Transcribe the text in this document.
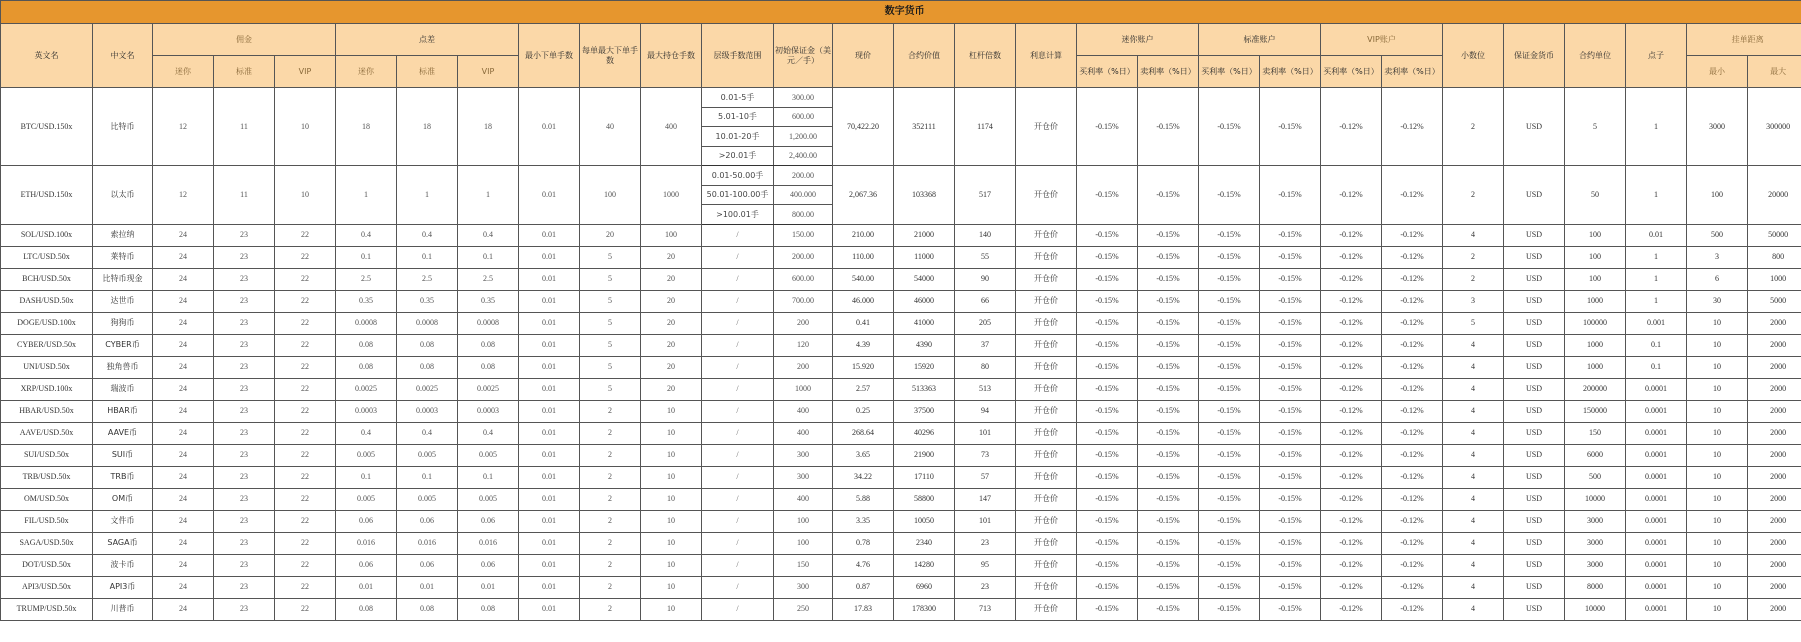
数字货币																												
英文名	中文名	佣金			点差			最小下单手数	每单最大下单手数	最大持仓手数	层级手数范围	初始保证金（美元／手）	现价	合约价值	杠杆倍数	利息计算	迷你账户		标准账户		VIP账户		小数位	保证金货币	合约单位	点子	挂单距离	
		迷你	标准	VIP	迷你	标准	VIP										买利率（%日）	卖利率（%日）	买利率（%日）	卖利率（%日）	买利率（%日）	卖利率（%日）					最小	最大
BTC/USD.150x	比特币	12	11	10	18	18	18	0.01	40	400	0.01-5手	300.00	70,422.20	352111	1174	开仓价	-0.15%	-0.15%	-0.15%	-0.15%	-0.12%	-0.12%	2	USD	5	1	3000	300000
											5.01-10手	600.00																
											10.01-20手	1,200.00																
											>20.01手	2,400.00																
ETH/USD.150x	以太币	12	11	10	1	1	1	0.01	100	1000	0.01-50.00手	200.00	2,067.36	103368	517	开仓价	-0.15%	-0.15%	-0.15%	-0.15%	-0.12%	-0.12%	2	USD	50	1	100	20000
											50.01-100.00手	400.000																
											>100.01手	800.00																
SOL/USD.100x	索拉纳	24	23	22	0.4	0.4	0.4	0.01	20	100	/	150.00	210.00	21000	140	开仓价	-0.15%	-0.15%	-0.15%	-0.15%	-0.12%	-0.12%	4	USD	100	0.01	500	50000
LTC/USD.50x	莱特币	24	23	22	0.1	0.1	0.1	0.01	5	20	/	200.00	110.00	11000	55	开仓价	-0.15%	-0.15%	-0.15%	-0.15%	-0.12%	-0.12%	2	USD	100	1	3	800
BCH/USD.50x	比特币现金	24	23	22	2.5	2.5	2.5	0.01	5	20	/	600.00	540.00	54000	90	开仓价	-0.15%	-0.15%	-0.15%	-0.15%	-0.12%	-0.12%	2	USD	100	1	6	1000
DASH/USD.50x	达世币	24	23	22	0.35	0.35	0.35	0.01	5	20	/	700.00	46.000	46000	66	开仓价	-0.15%	-0.15%	-0.15%	-0.15%	-0.12%	-0.12%	3	USD	1000	1	30	5000
DOGE/USD.100x	狗狗币	24	23	22	0.0008	0.0008	0.0008	0.01	5	20	/	200	0.41	41000	205	开仓价	-0.15%	-0.15%	-0.15%	-0.15%	-0.12%	-0.12%	5	USD	100000	0.001	10	2000
CYBER/USD.50x	CYBER币	24	23	22	0.08	0.08	0.08	0.01	5	20	/	120	4.39	4390	37	开仓价	-0.15%	-0.15%	-0.15%	-0.15%	-0.12%	-0.12%	4	USD	1000	0.1	10	2000
UNI/USD.50x	独角兽币	24	23	22	0.08	0.08	0.08	0.01	5	20	/	200	15.920	15920	80	开仓价	-0.15%	-0.15%	-0.15%	-0.15%	-0.12%	-0.12%	4	USD	1000	0.1	10	2000
XRP/USD.100x	瑞波币	24	23	22	0.0025	0.0025	0.0025	0.01	5	20	/	1000	2.57	513363	513	开仓价	-0.15%	-0.15%	-0.15%	-0.15%	-0.12%	-0.12%	4	USD	200000	0.0001	10	2000
HBAR/USD.50x	HBAR币	24	23	22	0.0003	0.0003	0.0003	0.01	2	10	/	400	0.25	37500	94	开仓价	-0.15%	-0.15%	-0.15%	-0.15%	-0.12%	-0.12%	4	USD	150000	0.0001	10	2000
AAVE/USD.50x	AAVE币	24	23	22	0.4	0.4	0.4	0.01	2	10	/	400	268.64	40296	101	开仓价	-0.15%	-0.15%	-0.15%	-0.15%	-0.12%	-0.12%	4	USD	150	0.0001	10	2000
SUI/USD.50x	SUI币	24	23	22	0.005	0.005	0.005	0.01	2	10	/	300	3.65	21900	73	开仓价	-0.15%	-0.15%	-0.15%	-0.15%	-0.12%	-0.12%	4	USD	6000	0.0001	10	2000
TRB/USD.50x	TRB币	24	23	22	0.1	0.1	0.1	0.01	2	10	/	300	34.22	17110	57	开仓价	-0.15%	-0.15%	-0.15%	-0.15%	-0.12%	-0.12%	4	USD	500	0.0001	10	2000
OM/USD.50x	OM币	24	23	22	0.005	0.005	0.005	0.01	2	10	/	400	5.88	58800	147	开仓价	-0.15%	-0.15%	-0.15%	-0.15%	-0.12%	-0.12%	4	USD	10000	0.0001	10	2000
FIL/USD.50x	文件币	24	23	22	0.06	0.06	0.06	0.01	2	10	/	100	3.35	10050	101	开仓价	-0.15%	-0.15%	-0.15%	-0.15%	-0.12%	-0.12%	4	USD	3000	0.0001	10	2000
SAGA/USD.50x	SAGA币	24	23	22	0.016	0.016	0.016	0.01	2	10	/	100	0.78	2340	23	开仓价	-0.15%	-0.15%	-0.15%	-0.15%	-0.12%	-0.12%	4	USD	3000	0.0001	10	2000
DOT/USD.50x	波卡币	24	23	22	0.06	0.06	0.06	0.01	2	10	/	150	4.76	14280	95	开仓价	-0.15%	-0.15%	-0.15%	-0.15%	-0.12%	-0.12%	4	USD	3000	0.0001	10	2000
API3/USD.50x	API3币	24	23	22	0.01	0.01	0.01	0.01	2	10	/	300	0.87	6960	23	开仓价	-0.15%	-0.15%	-0.15%	-0.15%	-0.12%	-0.12%	4	USD	8000	0.0001	10	2000
TRUMP/USD.50x	川普币	24	23	22	0.08	0.08	0.08	0.01	2	10	/	250	17.83	178300	713	开仓价	-0.15%	-0.15%	-0.15%	-0.15%	-0.12%	-0.12%	4	USD	10000	0.0001	10	2000
